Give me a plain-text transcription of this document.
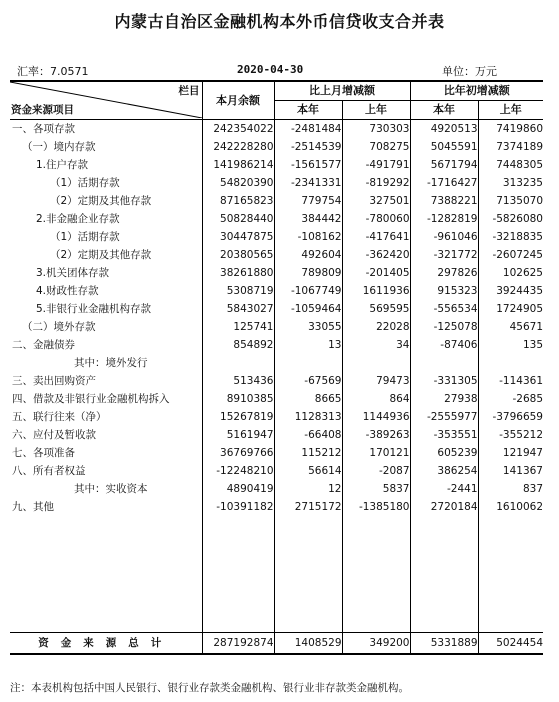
内蒙古自治区金融机构本外币信贷收支合并表
汇率：7.0571	2020-04-30	单位：万元
栏目
资金来源项目	本月余额	比上月增减额		比年初增减额	
		本年	上年	本年	上年
一、各项存款	242354022	-2481484	730303	4920513	7419860
（一）境内存款	242228280	-2514539	708275	5045591	7374189
1.住户存款	141986214	-1561577	-491791	5671794	7448305
（1）活期存款	54820390	-2341331	-819292	-1716427	313235
（2）定期及其他存款	87165823	779754	327501	7388221	7135070
2.非金融企业存款	50828440	384442	-780060	-1282819	-5826080
（1）活期存款	30447875	-108162	-417641	-961046	-3218835
（2）定期及其他存款	20380565	492604	-362420	-321772	-2607245
3.机关团体存款	38261880	789809	-201405	297826	102625
4.财政性存款	5308719	-1067749	1611936	915323	3924435
5.非银行业金融机构存款	5843027	-1059464	569595	-556534	1724905
（二）境外存款	125741	33055	22028	-125078	45671
二、金融债券	854892	13	34	-87406	135
其中：境外发行					
三、卖出回购资产	513436	-67569	79473	-331305	-114361
四、借款及非银行业金融机构拆入	8910385	8665	864	27938	-2685
五、联行往来（净）	15267819	1128313	1144936	-2555977	-3796659
六、应付及暂收款	5161947	-66408	-389263	-353551	-355212
七、各项准备	36769766	115212	170121	605239	121947
八、所有者权益	-12248210	56614	-2087	386254	141367
其中：实收资本	4890419	12	5837	-2441	837
九、其他	-10391182	2715172	-1385180	2720184	1610062

资金来源总计	287192874	1408529	349200	5331889	5024454
注：本表机构包括中国人民银行、银行业存款类金融机构、银行业非存款类金融机构。
